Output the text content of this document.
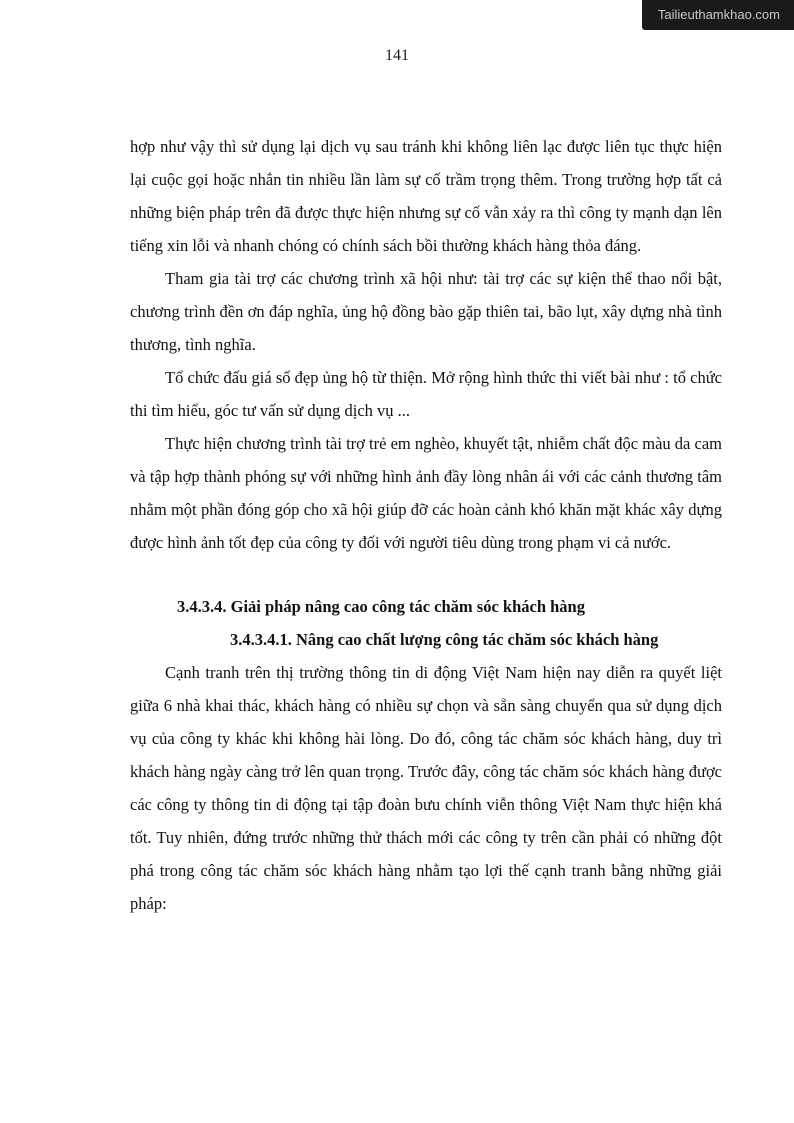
Tailieuthamkhao.com
141

hợp như vậy thì sử dụng lại dịch vụ sau tránh khi không liên lạc được liên tục thực hiện lại cuộc gọi hoặc nhắn tin nhiều lần làm sự cố trầm trọng thêm. Trong trường hợp tất cả những biện pháp trên đã được thực hiện nhưng sự cố vẫn xảy ra thì công ty mạnh dạn lên tiếng xin lỗi và nhanh chóng có chính sách bồi thường khách hàng thỏa đáng.

Tham gia tài trợ các chương trình xã hội như: tài trợ các sự kiện thể thao nổi bật, chương trình đền ơn đáp nghĩa, ủng hộ đồng bào gặp thiên tai, bão lụt, xây dựng nhà tình thương, tình nghĩa.

Tổ chức đấu giá số đẹp ủng hộ từ thiện. Mở rộng hình thức thi viết bài như : tổ chức thi tìm hiểu, góc tư vấn sử dụng dịch vụ ...

Thực hiện chương trình tài trợ trẻ em nghèo, khuyết tật, nhiễm chất độc màu da cam và tập hợp thành phóng sự với những hình ảnh đầy lòng nhân ái với các cảnh thương tâm nhằm một phần đóng góp cho xã hội giúp đỡ các hoàn cảnh khó khăn mặt khác xây dựng được hình ảnh tốt đẹp của công ty đối với người tiêu dùng trong phạm vi cả nước.

3.4.3.4. Giải pháp nâng cao công tác chăm sóc khách hàng

3.4.3.4.1. Nâng cao chất lượng công tác chăm sóc khách hàng

Cạnh tranh trên thị trường thông tin di động Việt Nam hiện nay diễn ra quyết liệt giữa 6 nhà khai thác, khách hàng có nhiều sự chọn và sẵn sàng chuyển qua sử dụng dịch vụ của công ty khác khi không hài lòng. Do đó, công tác chăm sóc khách hàng, duy trì khách hàng ngày càng trở lên quan trọng. Trước đây, công tác chăm sóc khách hàng được các công ty thông tin di động tại tập đoàn bưu chính viễn thông Việt Nam thực hiện khá tốt. Tuy nhiên, đứng trước những thử thách mới các công ty trên cần phải có những đột phá trong công tác chăm sóc khách hàng nhằm tạo lợi thế cạnh tranh bằng những giải pháp:
